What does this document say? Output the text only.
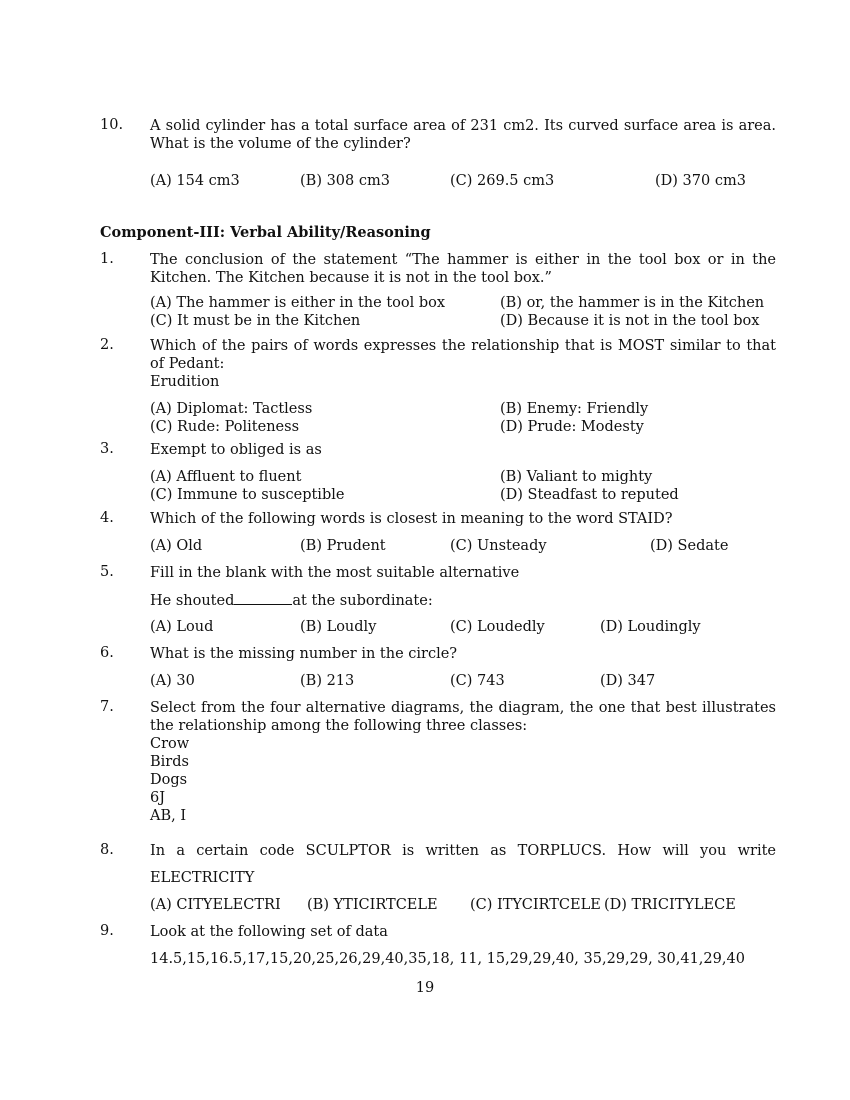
10. A solid cylinder has a total surface area of 231 cm2. Its curved surface area is area. What is the volume of the cylinder?
(A) 154 cm3	(B) 308 cm3	(C) 269.5 cm3	(D) 370 cm3
Component-III: Verbal Ability/Reasoning
1. The conclusion of the statement “The hammer is either in the tool box or in the Kitchen. The Kitchen because it is not in the tool box.”
(A) The hammer is either in the tool box	(B) or, the hammer is in the Kitchen
(C) It must be in the Kitchen	(D) Because it is not in the tool box
2. Which of the pairs of words expresses the relationship that is MOST similar to that of Pedant:
Erudition
(A) Diplomat: Tactless	(B) Enemy: Friendly
(C) Rude: Politeness	(D) Prude: Modesty
3. Exempt to obliged is as
(A) Affluent to fluent	(B) Valiant to mighty
(C) Immune to susceptible	(D) Steadfast to reputed
4. Which of the following words is closest in meaning to the word STAID?
(A) Old	(B) Prudent	(C) Unsteady	(D) Sedate
5. Fill in the blank with the most suitable alternative
He shouted	at the subordinate:
(A) Loud	(B) Loudly	(C) Loudedly	(D) Loudingly
6. What is the missing number in the circle?
(A) 30	(B) 213	(C) 743	(D) 347
7. Select from the four alternative diagrams, the diagram, the one that best illustrates the relationship among the following three classes:
Crow
Birds
Dogs
6J
AB, I
8. In a certain code SCULPTOR is written as TORPLUCS. How will you write
ELECTRICITY
(A) CITYELECTRI (B) YTICIRTCELE (C) ITYCIRTCELE (D) TRICITYLECE
9. Look at the following set of data
14.5,15,16.5,17,15,20,25,26,29,40,35,18, 11, 15,29,29,40, 35,29,29, 30,41,29,40
19
